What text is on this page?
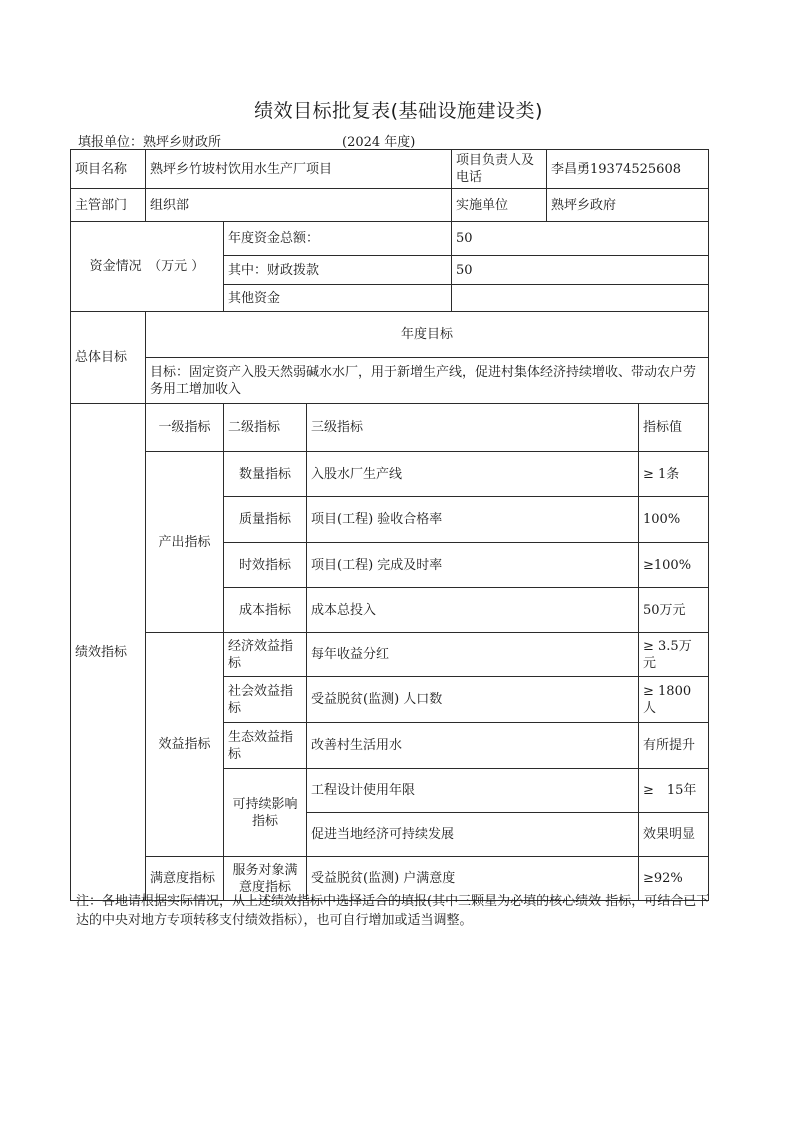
绩效目标批复表(基础设施建设类)
填报单位：熟坪乡财政所	(2024 年度)
项目名称	熟坪乡竹坡村饮用水生产厂项目			项目负责人及电话	李昌勇19374525608	
主管部门	组织部			实施单位	熟坪乡政府	
资金情况　（万元 ）		年度资金总额：		50		
		其中：财政拨款		50		
		其他资金				
总体目标	年度目标					
	目标：固定资产入股天然弱碱水水厂，用于新增生产线，促进村集体经济持续增收、带动农户劳务用工增加收入					
绩效指标	一级指标	二级指标	三级指标			指标值
	产出指标	数量指标	入股水厂生产线			≥ 1条
		质量指标	项目(工程) 验收合格率			100%
		时效指标	项目(工程) 完成及时率			≥100%
		成本指标	成本总投入			50万元
	效益指标	经济效益指标	每年收益分红			≥ 3.5万元
		社会效益指标	受益脱贫(监测) 人口数			≥ 1800人
		生态效益指标	改善村生活用水			有所提升
		可持续影响指标	工程设计使用年限			≥　15年
			促进当地经济可持续发展			效果明显
	满意度指标	服务对象满意度指标	受益脱贫(监测) 户满意度			≥92%
注：各地请根据实际情况，从上述绩效指标中选择适合的填报(其中三颗星为必填的核心绩效 指标，可结合已下达的中央对地方专项转移支付绩效指标），也可自行增加或适当调整。
